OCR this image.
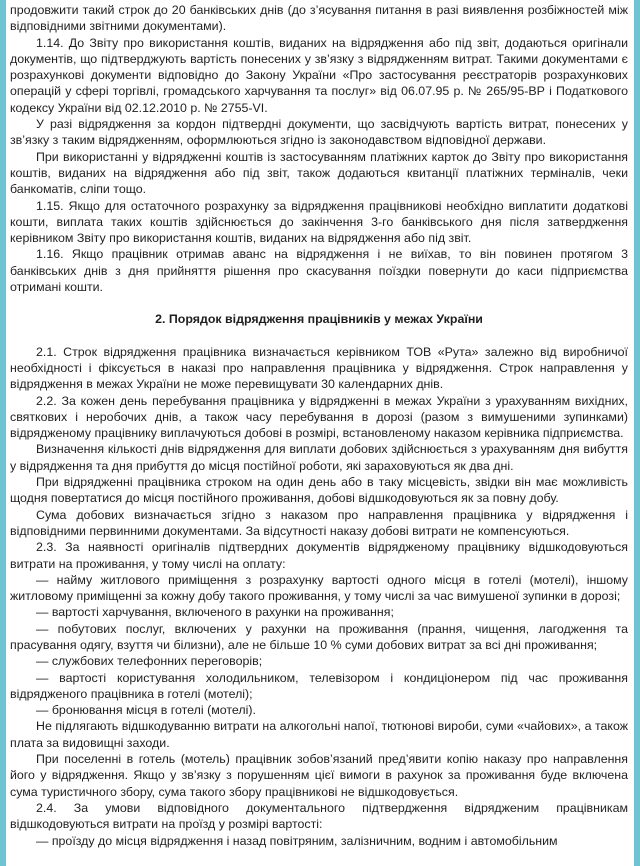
продовжити такий строк до 20 банківських днів (до з’ясування питання в разі виявлення розбіжностей між відповідними звітними документами).

1.14. До Звіту про використання коштів, виданих на відрядження або під звіт, додаються оригінали документів, що підтверджують вартість понесених у зв’язку з відрядженням витрат. Такими документами є розрахункові документи відповідно до Закону України «Про застосування реєстраторів розрахункових операцій у сфері торгівлі, громадського харчування та послуг» від 06.07.95 р. № 265/95-ВР і Податкового кодексу України від 02.12.2010 р. № 2755-VI.

У разі відрядження за кордон підтвердні документи, що засвідчують вартість витрат, понесених у зв’язку з таким відрядженням, оформлюються згідно із законодавством відповідної держави.

При використанні у відрядженні коштів із застосуванням платіжних карток до Звіту про використання коштів, виданих на відрядження або під звіт, також додаються квитанції платіжних терміналів, чеки банкоматів, сліпи тощо.

1.15. Якщо для остаточного розрахунку за відрядження працівникові необхідно виплатити додаткові кошти, виплата таких коштів здійснюється до закінчення 3-го банківського дня після затвердження керівником Звіту про використання коштів, виданих на відрядження або під звіт.

1.16. Якщо працівник отримав аванс на відрядження і не виїхав, то він повинен протягом 3 банківських днів з дня прийняття рішення про скасування поїздки повернути до каси підприємства отримані кошти.

2. Порядок відрядження працівників у межах України

2.1. Строк відрядження працівника визначається керівником ТОВ «Рута» залежно від виробничої необхідності і фіксується в наказі про направлення працівника у відрядження. Строк направлення у відрядження в межах України не може перевищувати 30 календарних днів.

2.2. За кожен день перебування працівника у відрядженні в межах України з урахуванням вихідних, святкових і неробочих днів, а також часу перебування в дорозі (разом з вимушеними зупинками) відрядженому працівнику виплачуються добові в розмірі, встановленому наказом керівника підприємства.

Визначення кількості днів відрядження для виплати добових здійснюється з урахуванням дня вибуття у відрядження та дня прибуття до місця постійної роботи, які зараховуються як два дні.

При відрядженні працівника строком на один день або в таку місцевість, звідки він має можливість щодня повертатися до місця постійного проживання, добові відшкодовуються як за повну добу.

Сума добових визначається згідно з наказом про направлення працівника у відрядження і відповідними первинними документами. За відсутності наказу добові витрати не компенсуються.

2.3. За наявності оригіналів підтвердних документів відрядженому працівнику відшкодовуються витрати на проживання, у тому числі на оплату:

— найму житлового приміщення з розрахунку вартості одного місця в готелі (мотелі), іншому житловому приміщенні за кожну добу такого проживання, у тому числі за час вимушеної зупинки в дорозі;

— вартості харчування, включеного в рахунки на проживання;

— побутових послуг, включених у рахунки на проживання (прання, чищення, лагодження та прасування одягу, взуття чи білизни), але не більше 10 % суми добових витрат за всі дні проживання;

— службових телефонних переговорів;

— вартості користування холодильником, телевізором і кондиціонером під час проживання відрядженого працівника в готелі (мотелі);

— бронювання місця в готелі (мотелі).

Не підлягають відшкодуванню витрати на алкогольні напої, тютюнові вироби, суми «чайових», а також плата за видовищні заходи.

При поселенні в готель (мотель) працівник зобов’язаний пред’явити копію наказу про направлення його у відрядження. Якщо у зв’язку з порушенням цієї вимоги в рахунок за проживання буде включена сума туристичного збору, сума такого збору працівникові не відшкодовується.

2.4. За умови відповідного документального підтвердження відрядженим працівникам відшкодовуються витрати на проїзд у розмірі вартості:

— проїзду до місця відрядження і назад повітряним, залізничним, водним і автомобільним
